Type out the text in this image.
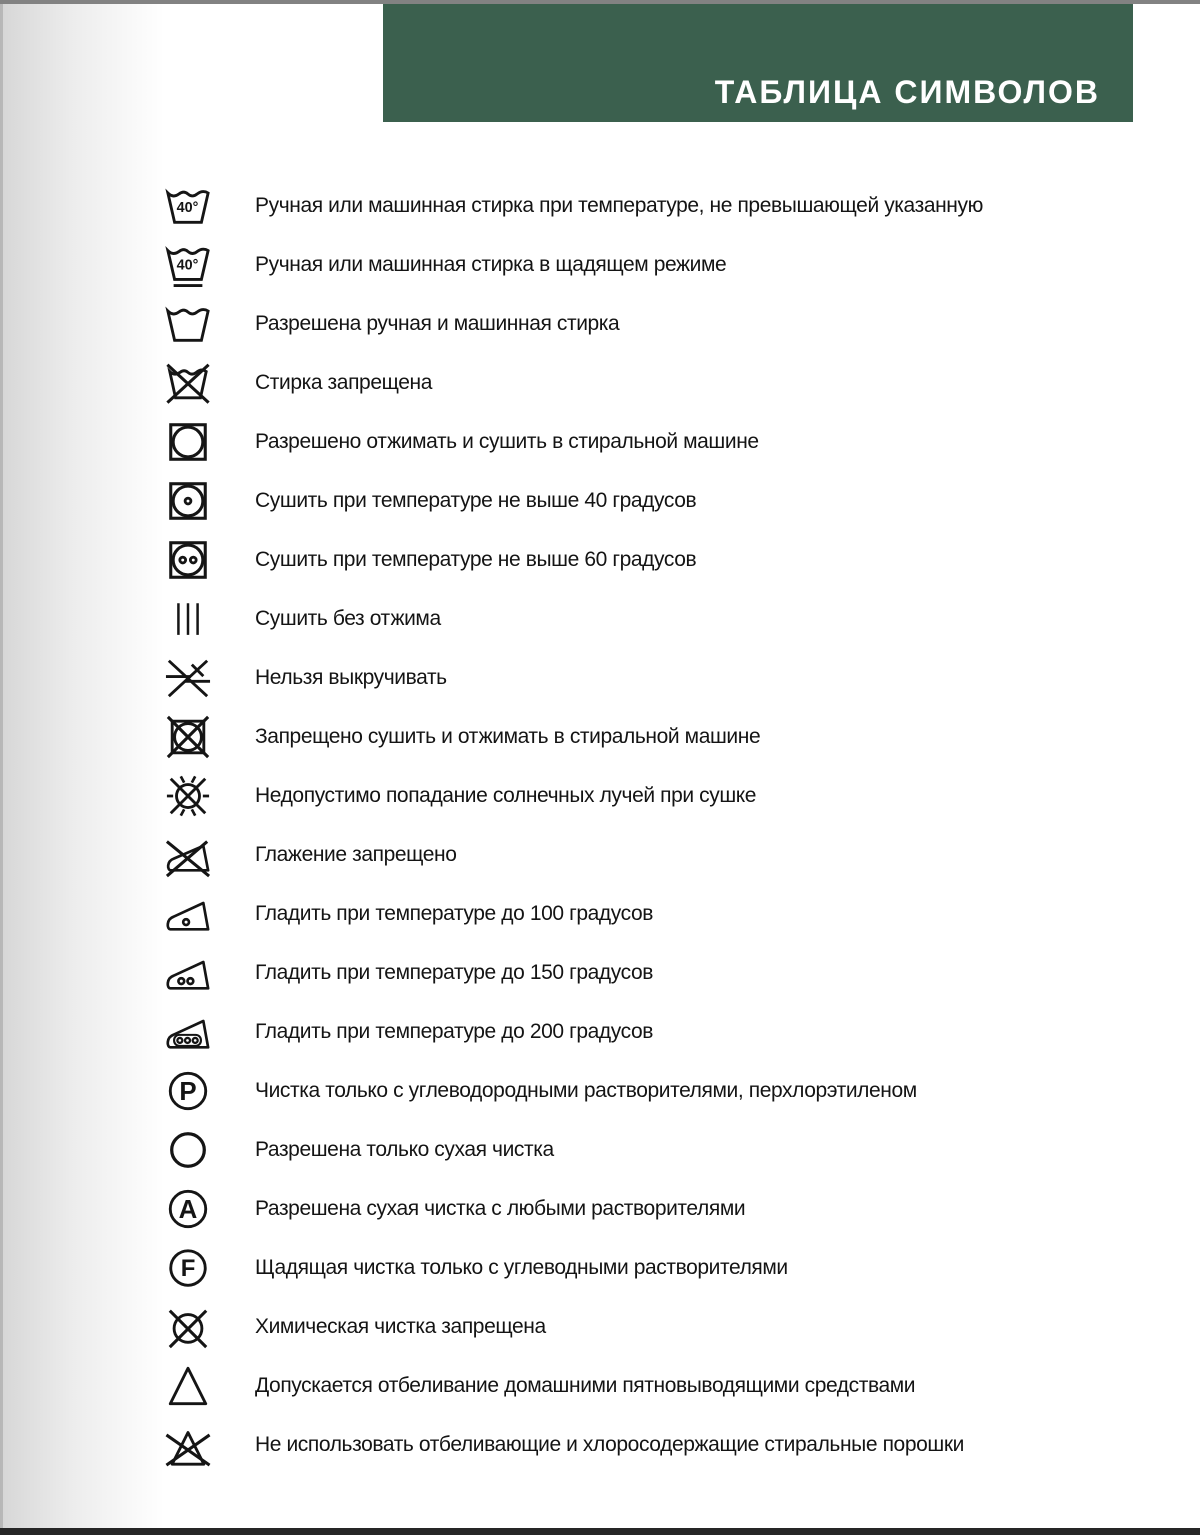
ТАБЛИЦА СИМВОЛОВ
Ручная или машинная стирка при температуре, не превышающей указанную
Ручная или машинная стирка в щадящем режиме
Разрешена ручная и машинная стирка
Стирка запрещена
Разрешено отжимать и сушить в стиральной машине
Сушить при температуре не выше 40 градусов
Сушить при температуре не выше 60 градусов
Сушить без отжима
Нельзя выкручивать
Запрещено сушить и отжимать в стиральной машине
Недопустимо попадание солнечных лучей при сушке
Глажение запрещено
Гладить при температуре до 100 градусов
Гладить при температуре до 150 градусов
Гладить при температуре до 200 градусов
Чистка только с углеводородными растворителями, перхлорэтиленом
Разрешена только сухая чистка
Разрешена сухая чистка с любыми растворителями
Щадящая чистка только с углеводными растворителями
Химическая чистка запрещена
Допускается отбеливание домашними пятновыводящими средствами
Не использовать отбеливающие и хлоросодержащие стиральные порошки
